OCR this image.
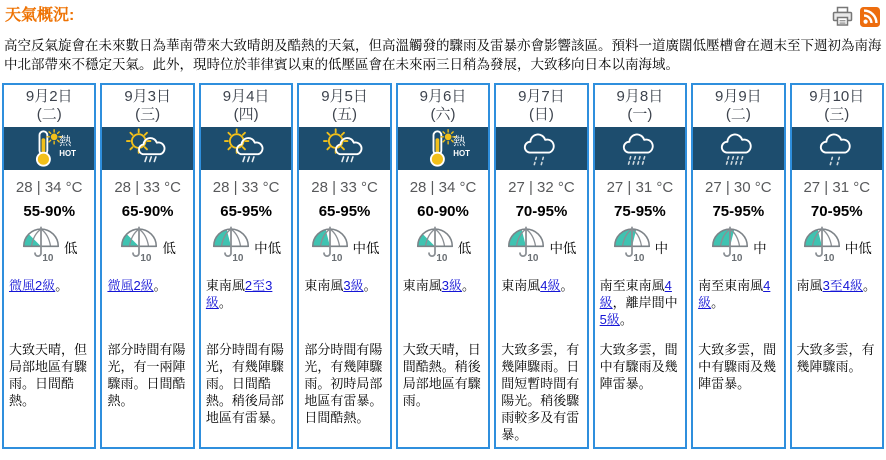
天氣概況:

高空反氣旋會在未來數日為華南帶來大致晴朗及酷熱的天氣，但高溫觸發的驟雨及雷暴亦會影響該區。預料一道廣闊低壓槽會在週末至下週初為南海中北部帶來不穩定天氣。此外，現時位於菲律賓以東的低壓區會在未來兩三日稍為發展，大致移向日本以南海域。

9月2日
(二)
熱
HOT
28 | 34 °C
55-90%
10
低
微風2級。
大致天晴，但局部地區有驟雨。日間酷熱。
9月3日
(三)
28 | 33 °C
65-90%
10
低
微風2級。
部分時間有陽光，有一兩陣驟雨。日間酷熱。
9月4日
(四)
28 | 33 °C
65-95%
10
中低
東南風2至3級。
部分時間有陽光，有幾陣驟雨。日間酷熱。稍後局部地區有雷暴。
9月5日
(五)
28 | 33 °C
65-95%
10
中低
東南風3級。
部分時間有陽光，有幾陣驟雨。初時局部地區有雷暴。日間酷熱。
9月6日
(六)
熱
HOT
28 | 34 °C
60-90%
10
低
東南風3級。
大致天晴，日間酷熱。稍後局部地區有驟雨。
9月7日
(日)
27 | 32 °C
70-95%
10
中低
東南風4級。
大致多雲，有幾陣驟雨。日間短暫時間有陽光。稍後驟雨較多及有雷暴。
9月8日
(一)
27 | 31 °C
75-95%
10
中
南至東南風4級，離岸間中5級。
大致多雲，間中有驟雨及幾陣雷暴。
9月9日
(二)
27 | 30 °C
75-95%
10
中
南至東南風4級。
大致多雲，間中有驟雨及幾陣雷暴。
9月10日
(三)
27 | 31 °C
70-95%
10
中低
南風3至4級。
大致多雲，有幾陣驟雨。
